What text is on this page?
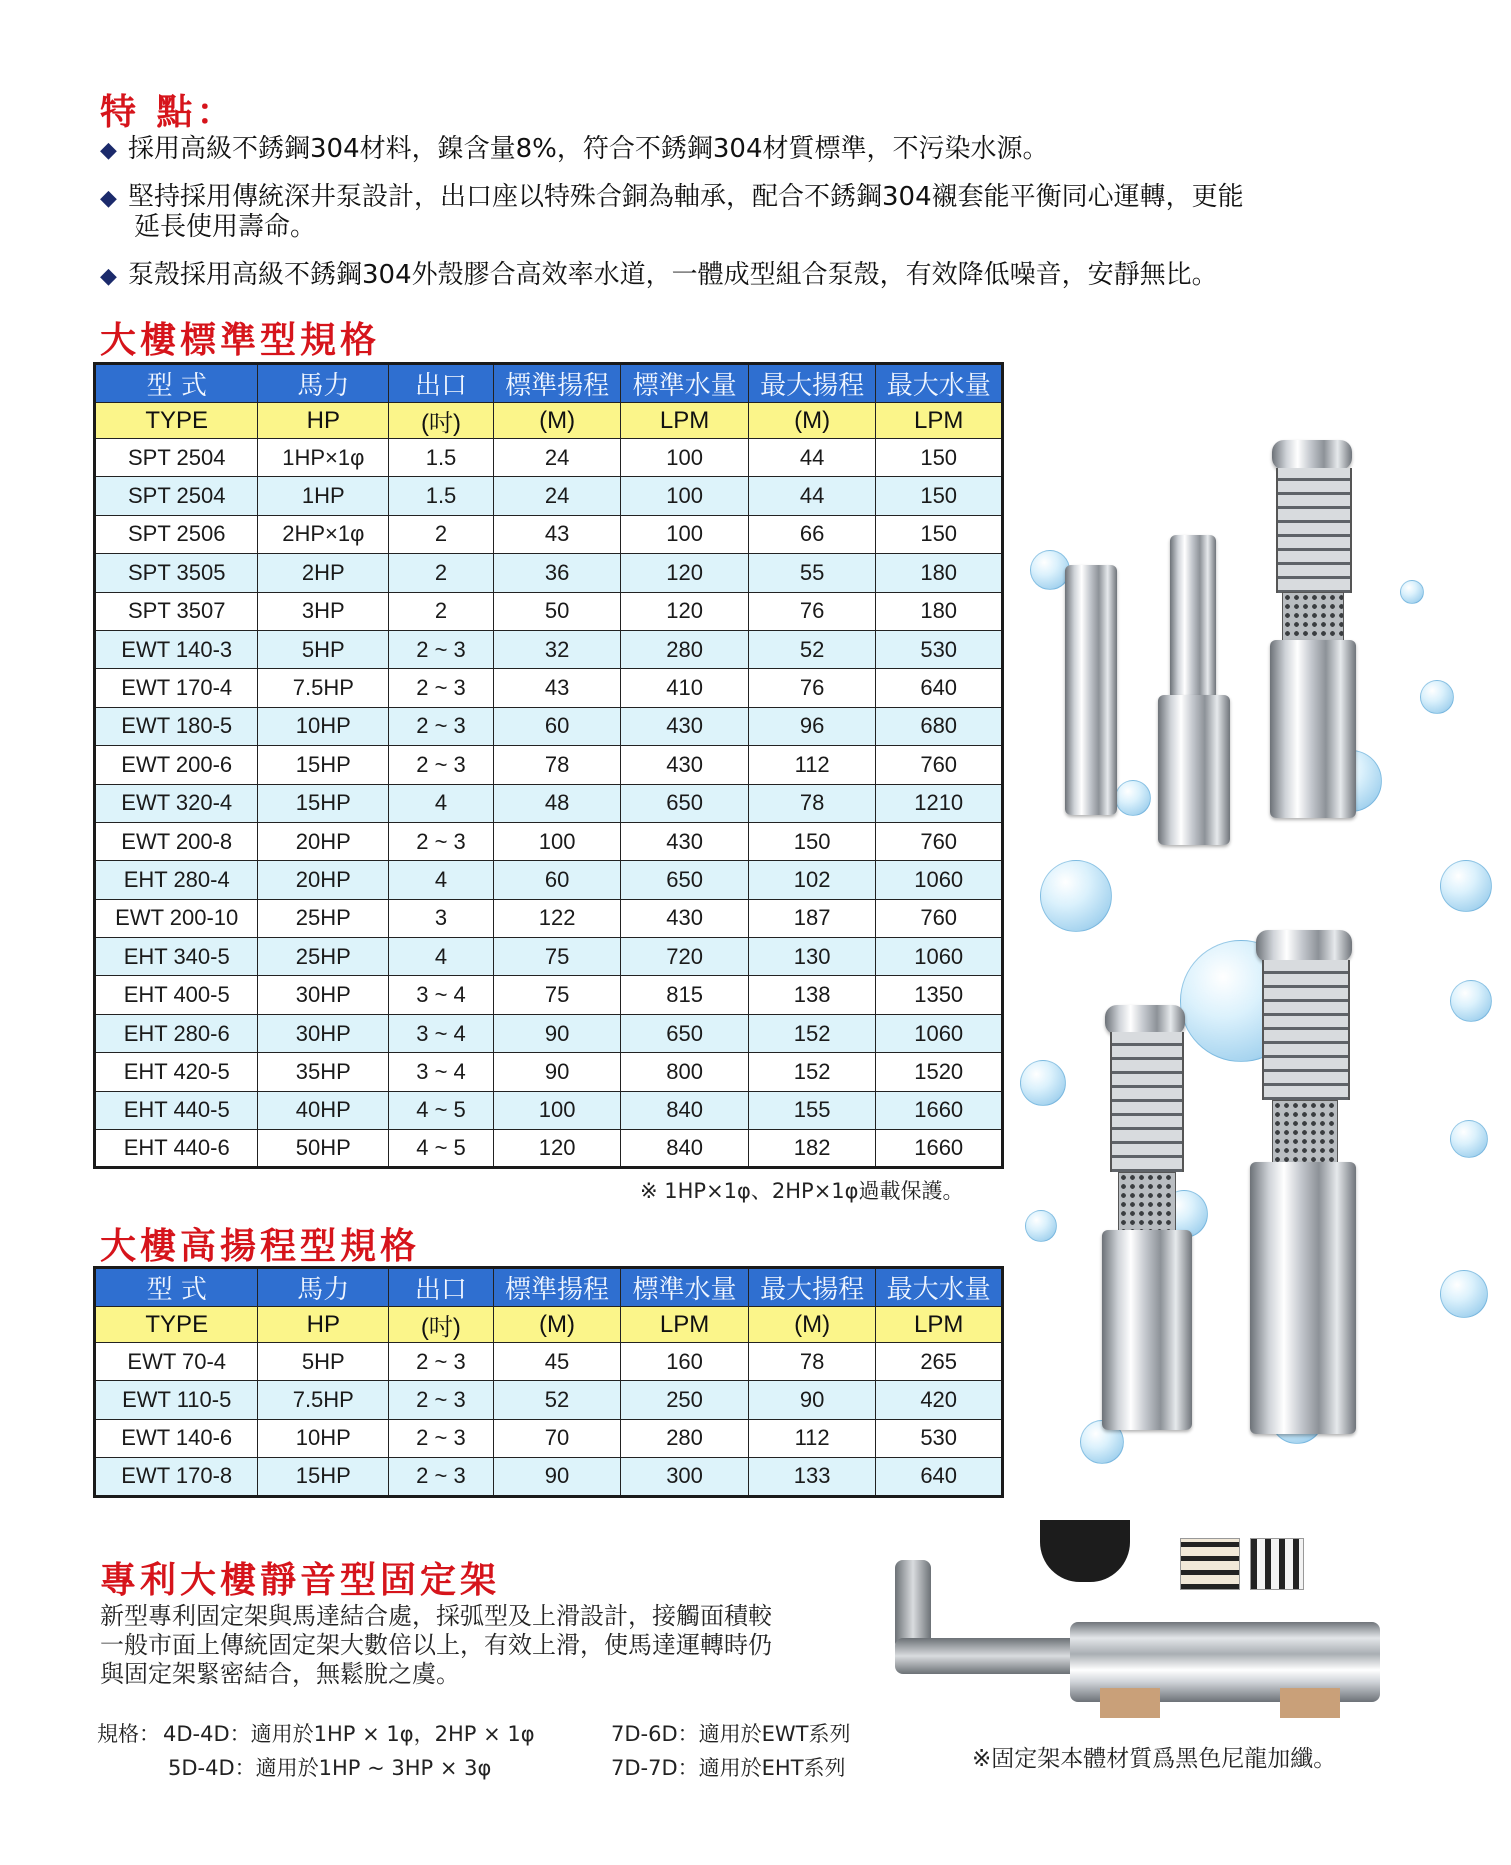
特 點：
◆ 採用高級不銹鋼304材料，鎳含量8%，符合不銹鋼304材質標準，不污染水源。
◆ 堅持採用傳統深井泵設計，出口座以特殊合銅為軸承，配合不銹鋼304襯套能平衡同心運轉，更能
延長使用壽命。
◆ 泵殼採用高級不銹鋼304外殼膠合高效率水道，一體成型組合泵殼，有效降低噪音，安靜無比。
大樓標準型規格
型 式	馬力	出口	標準揚程	標準水量	最大揚程	最大水量
TYPE	HP	(吋)	(M)	LPM	(M)	LPM
SPT 2504	1HP×1φ	1.5	24	100	44	150
SPT 2504	1HP	1.5	24	100	44	150
SPT 2506	2HP×1φ	2	43	100	66	150
SPT 3505	2HP	2	36	120	55	180
SPT 3507	3HP	2	50	120	76	180
EWT 140-3	5HP	2 ~ 3	32	280	52	530
EWT 170-4	7.5HP	2 ~ 3	43	410	76	640
EWT 180-5	10HP	2 ~ 3	60	430	96	680
EWT 200-6	15HP	2 ~ 3	78	430	112	760
EWT 320-4	15HP	4	48	650	78	1210
EWT 200-8	20HP	2 ~ 3	100	430	150	760
EHT 280-4	20HP	4	60	650	102	1060
EWT 200-10	25HP	3	122	430	187	760
EHT 340-5	25HP	4	75	720	130	1060
EHT 400-5	30HP	3 ~ 4	75	815	138	1350
EHT 280-6	30HP	3 ~ 4	90	650	152	1060
EHT 420-5	35HP	3 ~ 4	90	800	152	1520
EHT 440-5	40HP	4 ~ 5	100	840	155	1660
EHT 440-6	50HP	4 ~ 5	120	840	182	1660
※ 1HP×1φ、2HP×1φ過載保護。
大樓高揚程型規格
型 式	馬力	出口	標準揚程	標準水量	最大揚程	最大水量
TYPE	HP	(吋)	(M)	LPM	(M)	LPM
EWT 70-4	5HP	2 ~ 3	45	160	78	265
EWT 110-5	7.5HP	2 ~ 3	52	250	90	420
EWT 140-6	10HP	2 ~ 3	70	280	112	530
EWT 170-8	15HP	2 ~ 3	90	300	133	640
專利大樓靜音型固定架
新型專利固定架與馬達結合處，採弧型及上滑設計，接觸面積較
一般市面上傳統固定架大數倍以上，有效上滑，使馬達運轉時仍
與固定架緊密結合，無鬆脫之虞。
規格： 4D-4D：適用於1HP × 1φ，2HP × 1φ
5D-4D：適用於1HP ~ 3HP × 3φ
7D-6D：適用於EWT系列
7D-7D：適用於EHT系列	※固定架本體材質爲黑色尼龍加纖。
